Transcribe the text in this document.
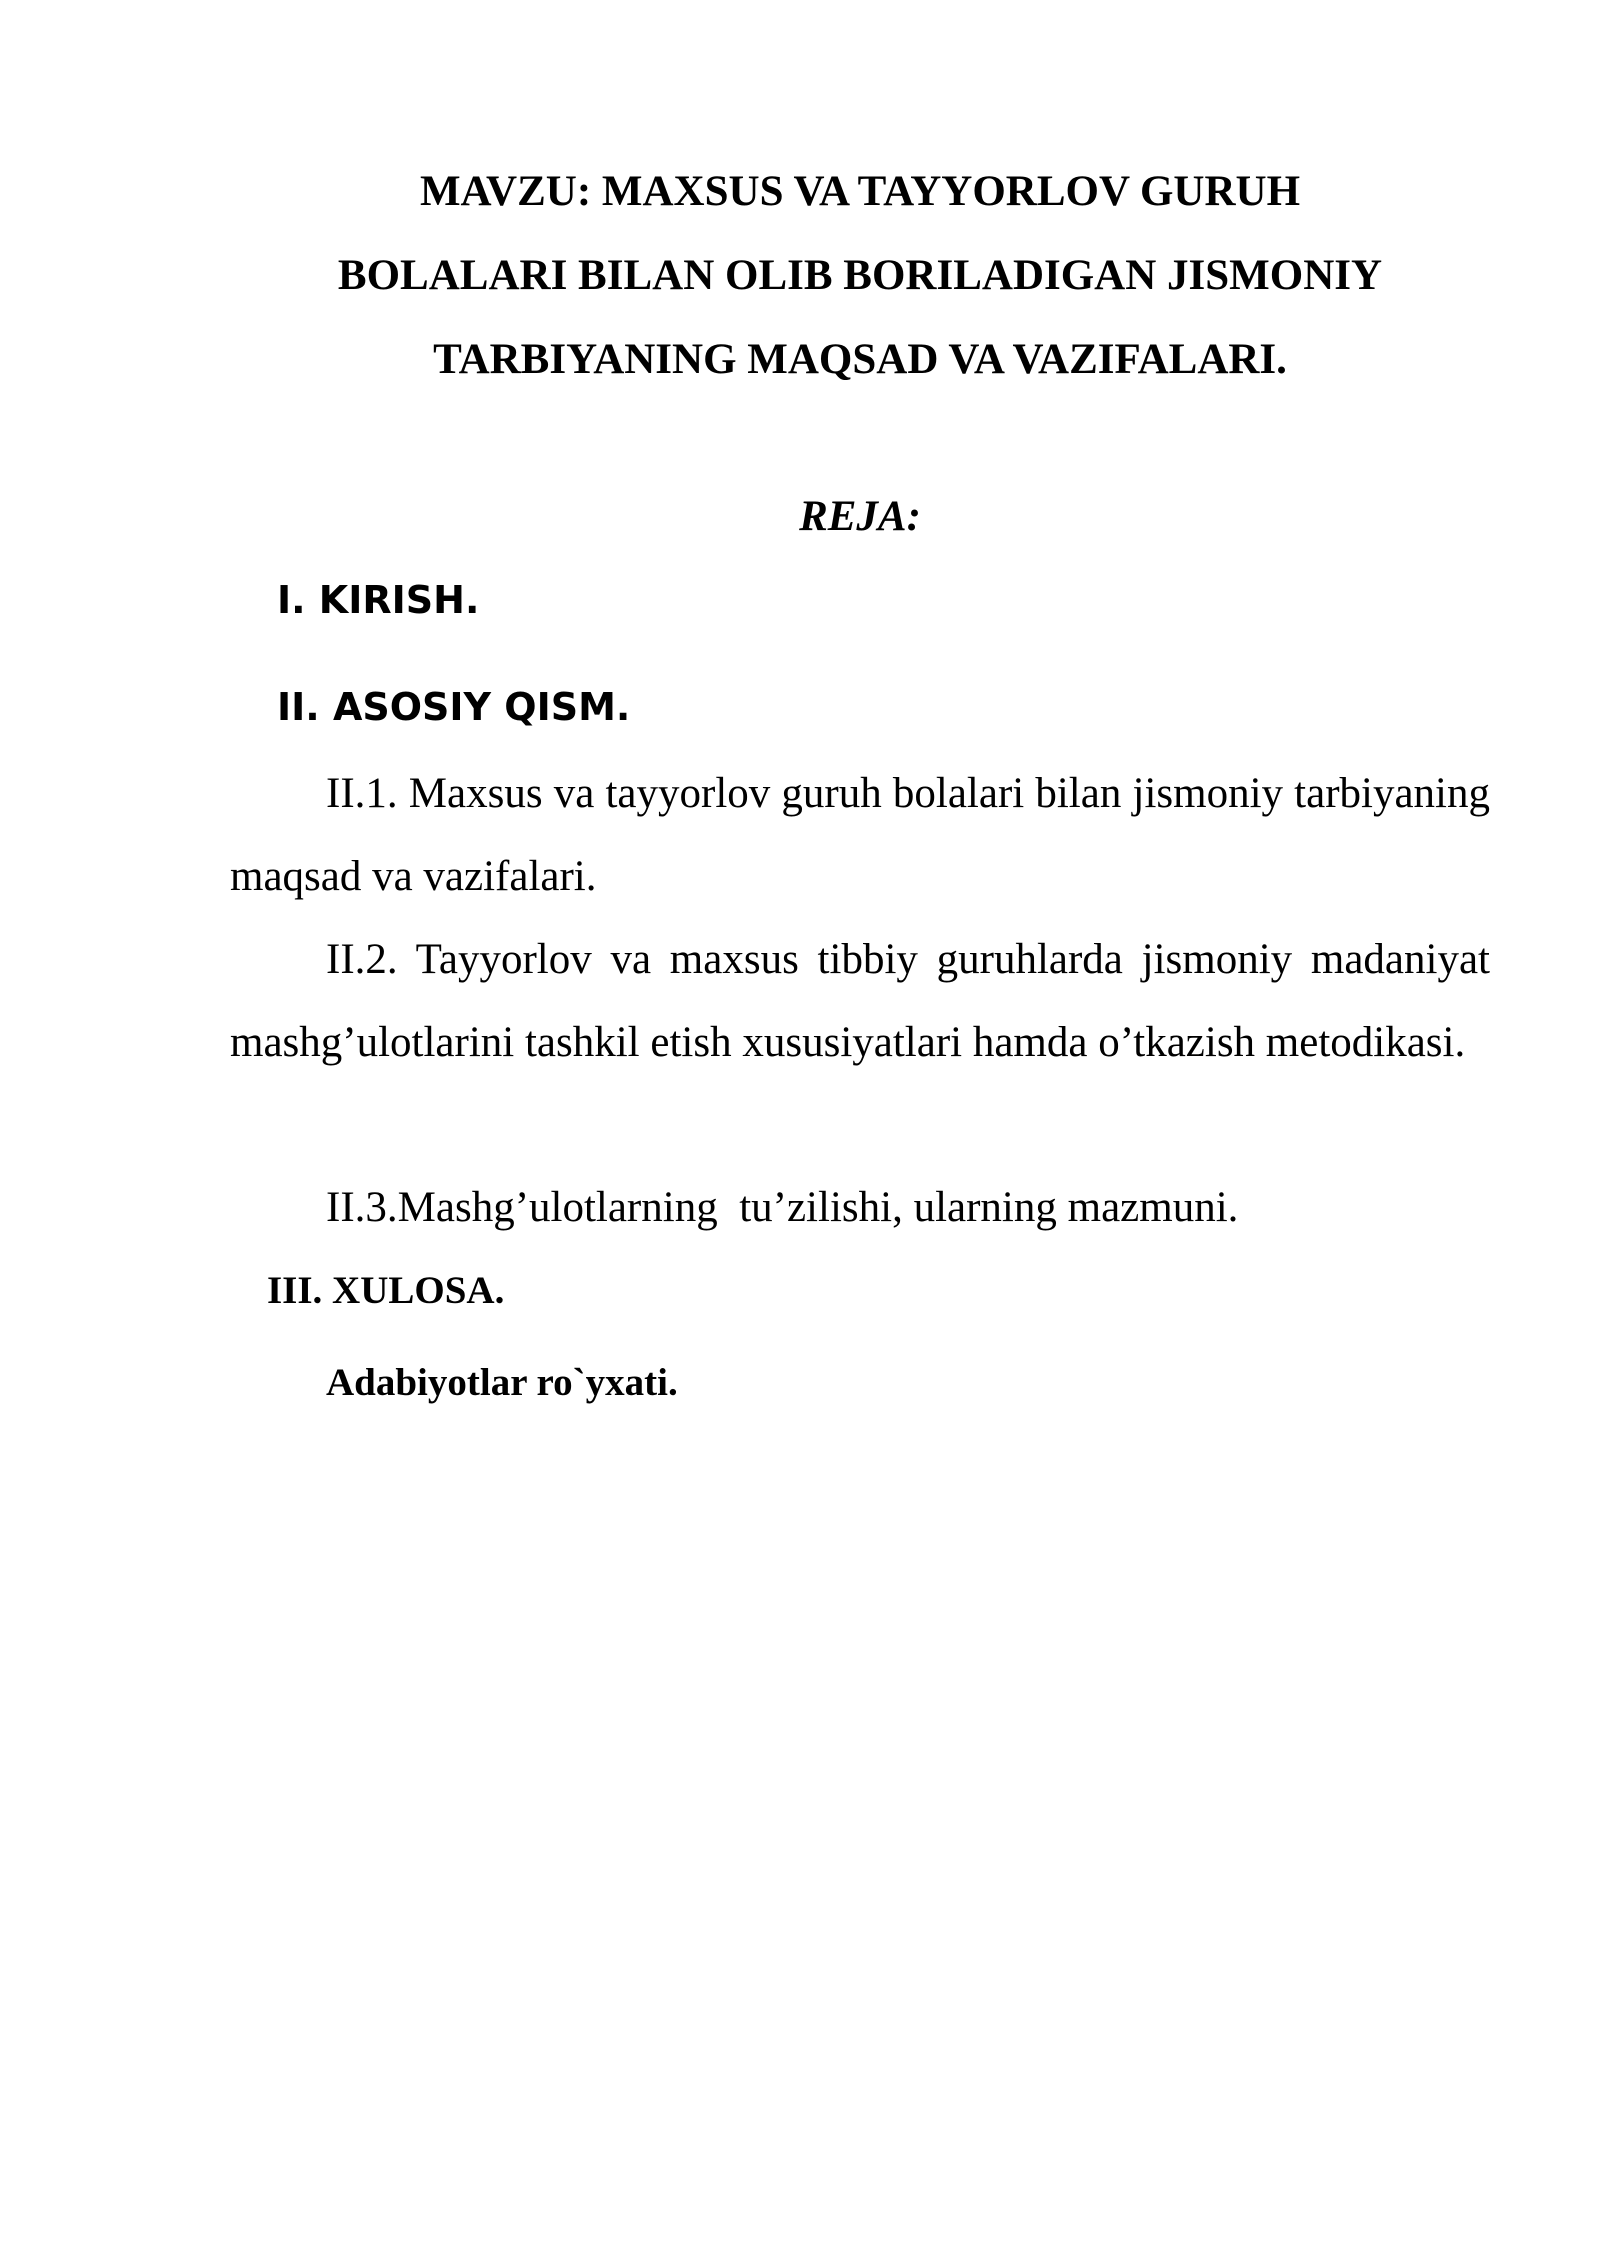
MAVZU: MAXSUS VA TAYYORLOV GURUH
BOLALARI BILAN OLIB BORILADIGAN JISMONIY
TARBIYANING MAQSAD VA VAZIFALARI.
REJA:
I. KIRISH.
II. ASOSIY QISM.

II.1. Maxsus va tayyorlov guruh bolalari bilan jismoniy tarbiyaning maqsad va vazifalari.

II.2. Tayyorlov va maxsus tibbiy guruhlarda jismoniy madaniyat mashg’ulotlarini tashkil etish xususiyatlari hamda o’tkazish metodikasi.

II.3.Mashg’ulotlarning  tu’zilishi, ularning mazmuni.

III. XULOSA.
Adabiyotlar ro`yxati.
